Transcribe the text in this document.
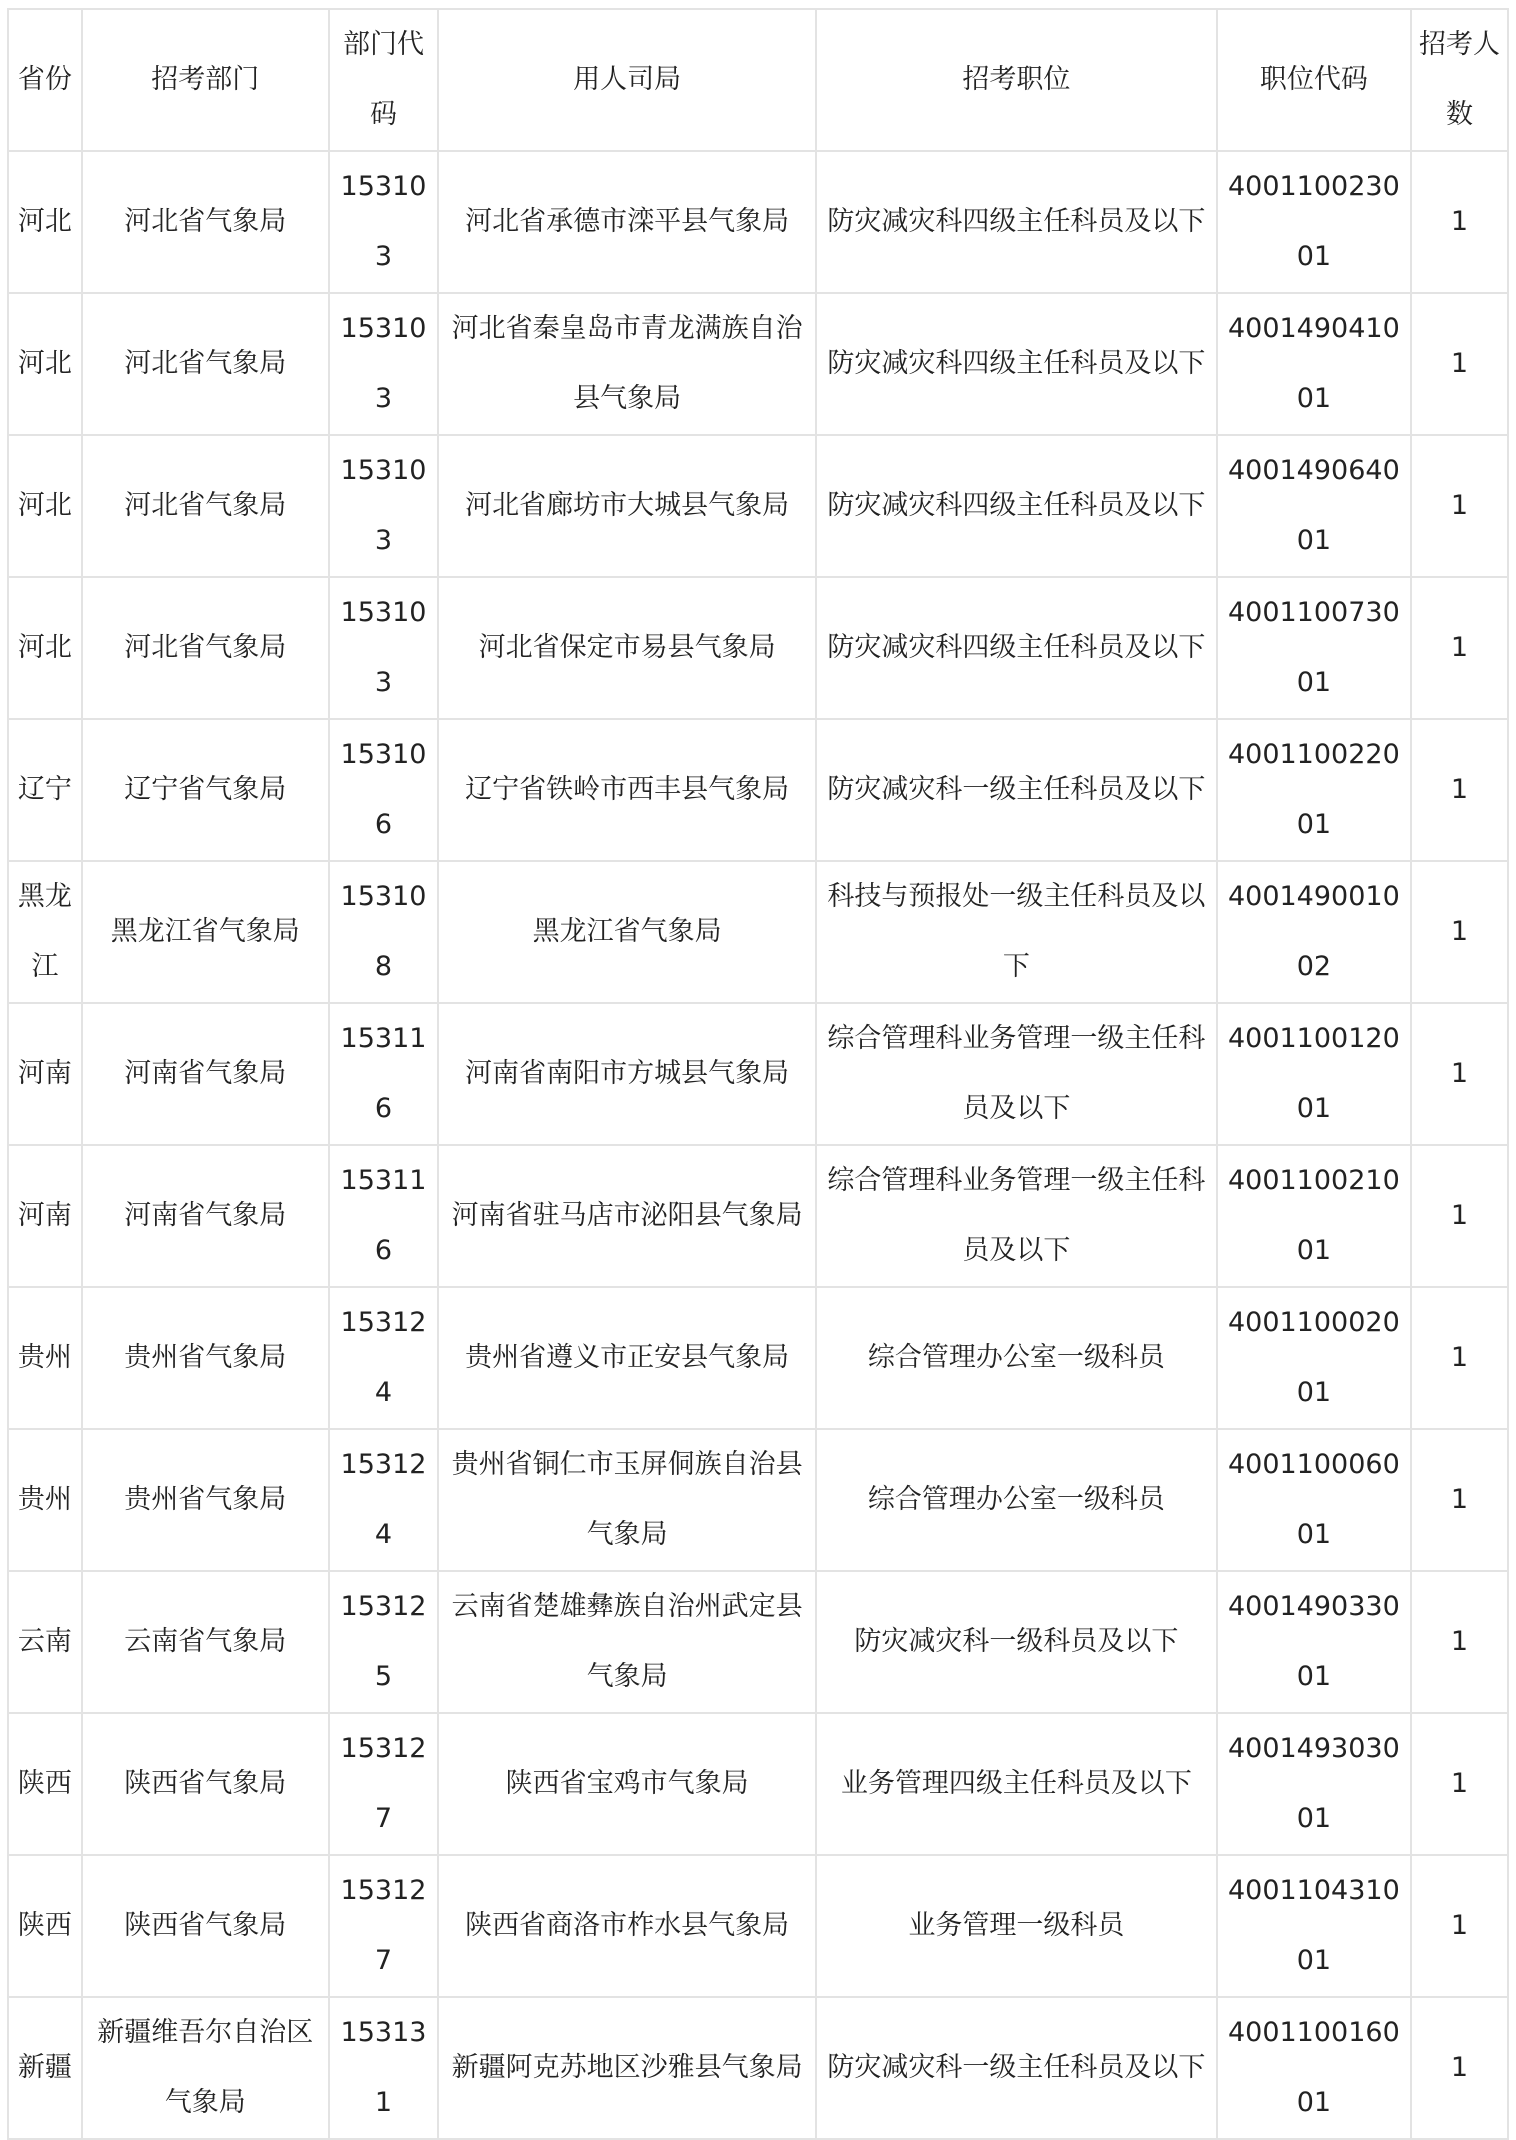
省份	招考部门	部门代码	用人司局	招考职位	职位代码	招考人数
河北	河北省气象局	153103	河北省承德市滦平县气象局	防灾减灾科四级主任科员及以下	400110023001	1
河北	河北省气象局	153103	河北省秦皇岛市青龙满族自治县气象局	防灾减灾科四级主任科员及以下	400149041001	1
河北	河北省气象局	153103	河北省廊坊市大城县气象局	防灾减灾科四级主任科员及以下	400149064001	1
河北	河北省气象局	153103	河北省保定市易县气象局	防灾减灾科四级主任科员及以下	400110073001	1
辽宁	辽宁省气象局	153106	辽宁省铁岭市西丰县气象局	防灾减灾科一级主任科员及以下	400110022001	1
黑龙江	黑龙江省气象局	153108	黑龙江省气象局	科技与预报处一级主任科员及以下	400149001002	1
河南	河南省气象局	153116	河南省南阳市方城县气象局	综合管理科业务管理一级主任科员及以下	400110012001	1
河南	河南省气象局	153116	河南省驻马店市泌阳县气象局	综合管理科业务管理一级主任科员及以下	400110021001	1
贵州	贵州省气象局	153124	贵州省遵义市正安县气象局	综合管理办公室一级科员	400110002001	1
贵州	贵州省气象局	153124	贵州省铜仁市玉屏侗族自治县气象局	综合管理办公室一级科员	400110006001	1
云南	云南省气象局	153125	云南省楚雄彝族自治州武定县气象局	防灾减灾科一级科员及以下	400149033001	1
陕西	陕西省气象局	153127	陕西省宝鸡市气象局	业务管理四级主任科员及以下	400149303001	1
陕西	陕西省气象局	153127	陕西省商洛市柞水县气象局	业务管理一级科员	400110431001	1
新疆	新疆维吾尔自治区气象局	153131	新疆阿克苏地区沙雅县气象局	防灾减灾科一级主任科员及以下	400110016001	1
